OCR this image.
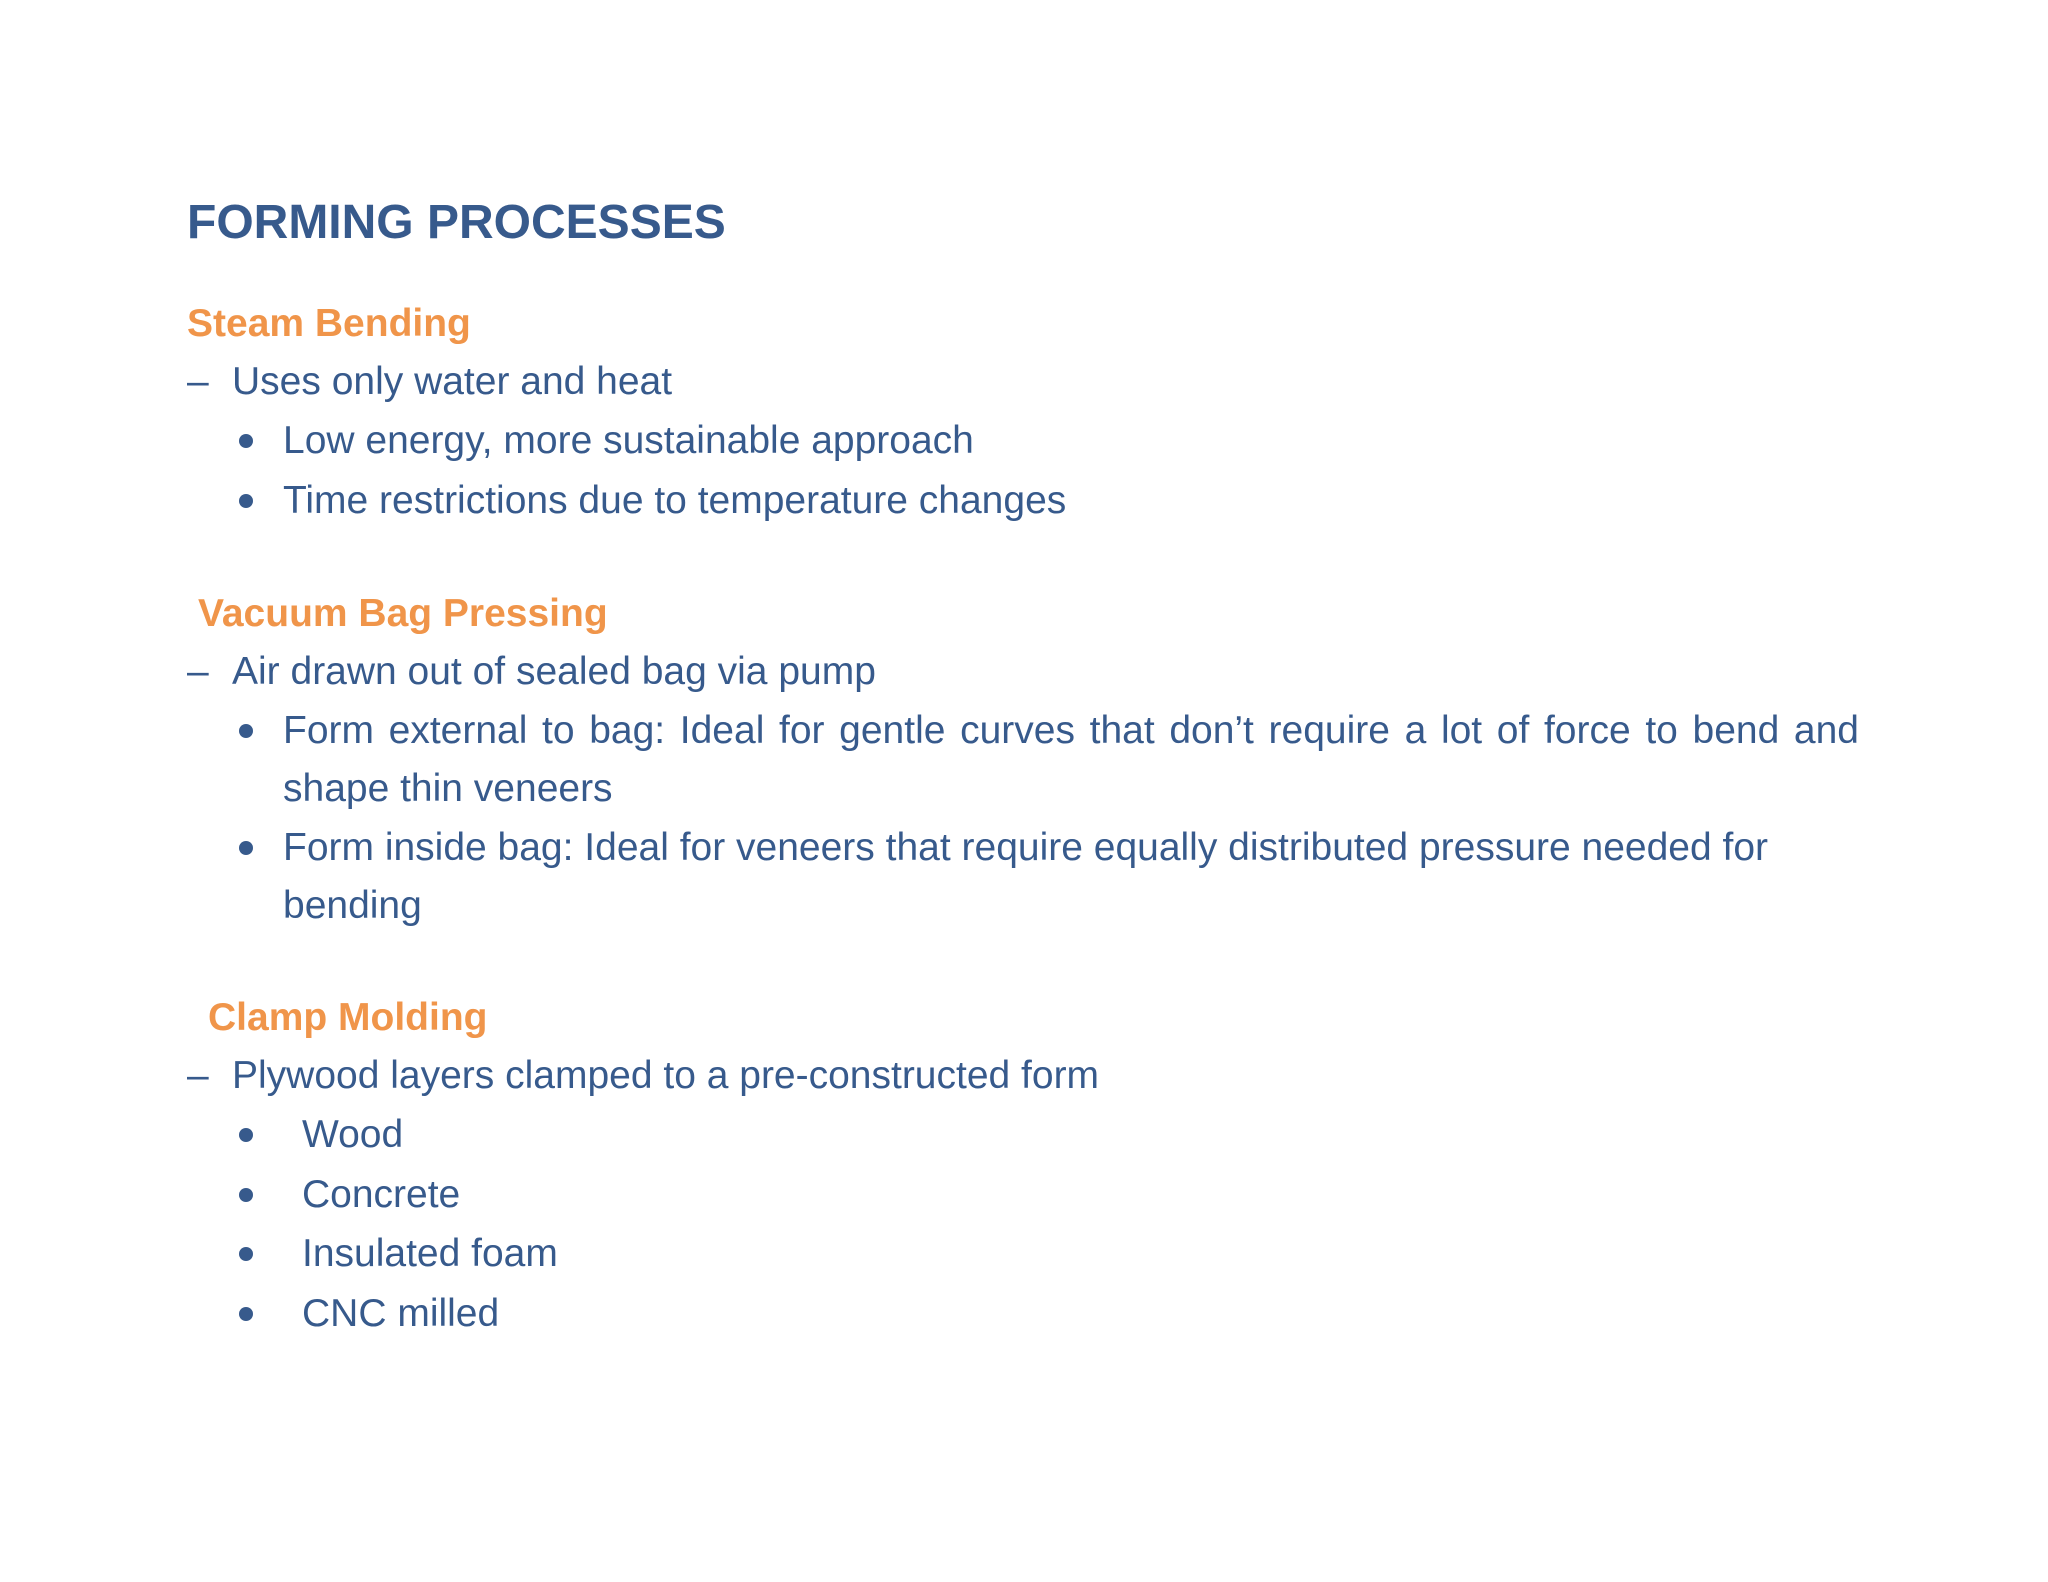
FORMING PROCESSES
Steam Bending
– Uses only water and heat
Low energy, more sustainable approach
Time restrictions due to temperature changes
Vacuum Bag Pressing
– Air drawn out of sealed bag via pump
Form external to bag: Ideal for gentle curves that don’t require a lot of force to bend and shape thin veneers
Form inside bag: Ideal for veneers that require equally distributed pressure needed for bending
Clamp Molding
– Plywood layers clamped to a pre-constructed form
Wood
Concrete
Insulated foam
CNC milled
